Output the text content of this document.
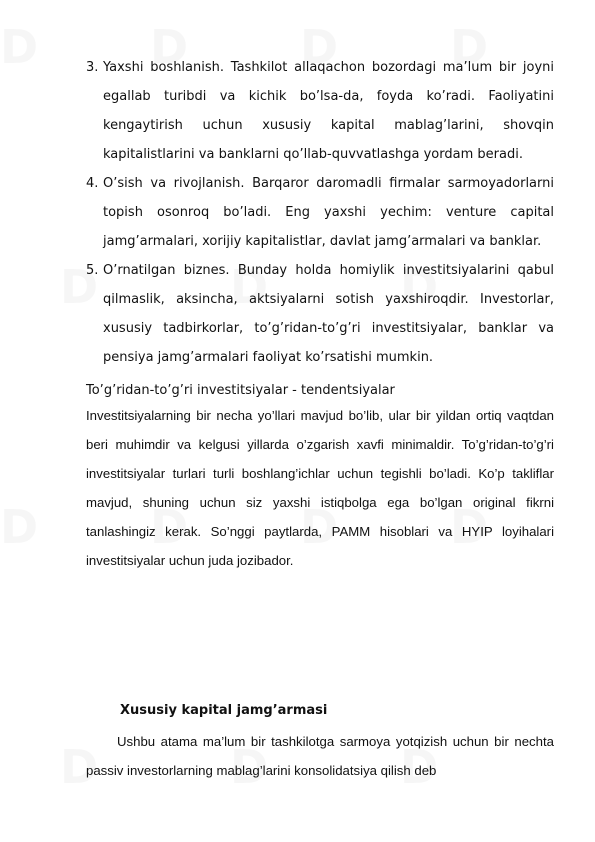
3. Yaxshi boshlanish. Tashkilot allaqachon bozordagi ma’lum bir joyni egallab turibdi va kichik bo’lsa-da, foyda ko’radi. Faoliyatini kengaytirish uchun xususiy kapital mablag’larini, shovqin kapitalistlarini va banklarni qo’llab-quvvatlashga yordam beradi.
4. O’sish va rivojlanish. Barqaror daromadli firmalar sarmoyadorlarni topish osonroq bo’ladi. Eng yaxshi yechim: venture capital jamg’armalari, xorijiy kapitalistlar, davlat jamg’armalari va banklar.
5. O’rnatilgan biznes. Bunday holda homiylik investitsiyalarini qabul qilmaslik, aksincha, aktsiyalarni sotish yaxshiroqdir. Investorlar, xususiy tadbirkorlar, to’g’ridan-to’g’ri investitsiyalar, banklar va pensiya jamg’armalari faoliyat ko’rsatishi mumkin.

To’g’ridan-to’g’ri investitsiyalar - tendentsiyalar

Investitsiyalarning bir necha yo’llari mavjud bo’lib, ular bir yildan ortiq vaqtdan beri muhimdir va kelgusi yillarda o’zgarish xavfi minimaldir. To’g’ridan-to’g’ri investitsiyalar turlari turli boshlang’ichlar uchun tegishli bo’ladi. Ko’p takliflar mavjud, shuning uchun siz yaxshi istiqbolga ega bo’lgan original fikrni tanlashingiz kerak. So’nggi paytlarda, PAMM hisoblari va HYIP loyihalari investitsiyalar uchun juda jozibador.

Xususiy kapital jamg’armasi

Ushbu atama ma’lum bir tashkilotga sarmoya yotqizish uchun bir nechta passiv investorlarning mablag’larini konsolidatsiya qilish deb
